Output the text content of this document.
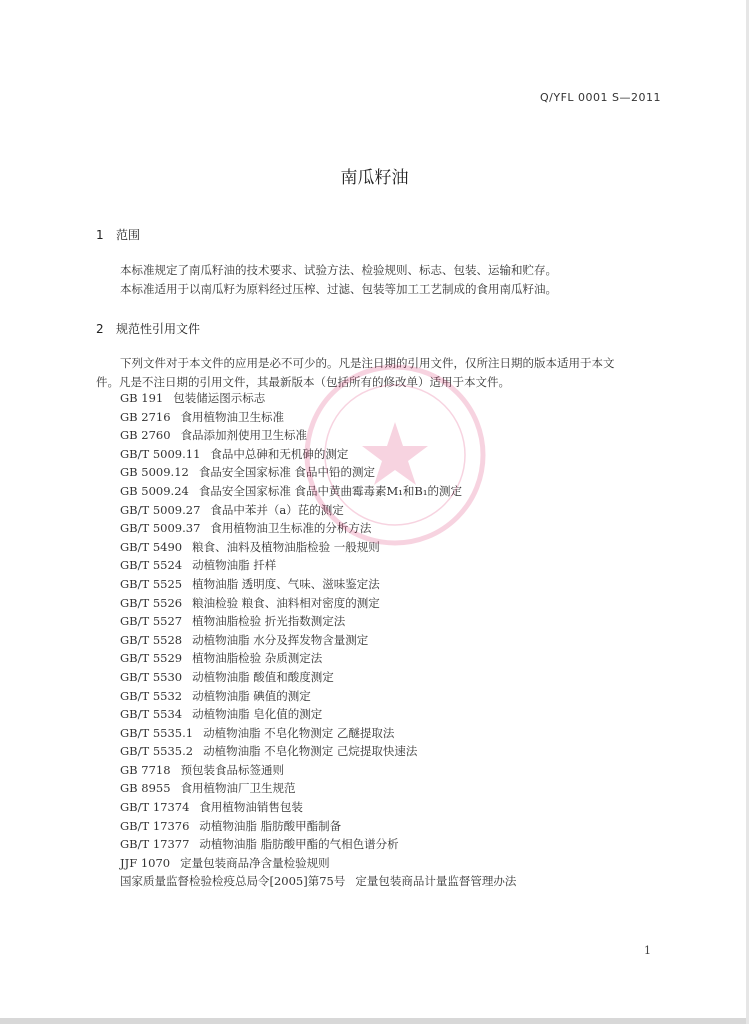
Q/YFL 0001 S—2011
南瓜籽油
1 范围
本标准规定了南瓜籽油的技术要求、试验方法、检验规则、标志、包装、运输和贮存。
本标准适用于以南瓜籽为原料经过压榨、过滤、包装等加工工艺制成的食用南瓜籽油。
2 规范性引用文件
下列文件对于本文件的应用是必不可少的。凡是注日期的引用文件，仅所注日期的版本适用于本文
件。凡是不注日期的引用文件，其最新版本（包括所有的修改单）适用于本文件。
GB 191 包装储运图示标志
GB 2716 食用植物油卫生标准
GB 2760 食品添加剂使用卫生标准
GB/T 5009.11 食品中总砷和无机砷的测定
GB 5009.12 食品安全国家标准 食品中铅的测定
GB 5009.24 食品安全国家标准 食品中黄曲霉毒素M₁和B₁的测定
GB/T 5009.27 食品中苯并（a）芘的测定
GB/T 5009.37 食用植物油卫生标准的分析方法
GB/T 5490 粮食、油料及植物油脂检验 一般规则
GB/T 5524 动植物油脂 扦样
GB/T 5525 植物油脂 透明度、气味、滋味鉴定法
GB/T 5526 粮油检验 粮食、油料相对密度的测定
GB/T 5527 植物油脂检验 折光指数测定法
GB/T 5528 动植物油脂 水分及挥发物含量测定
GB/T 5529 植物油脂检验 杂质测定法
GB/T 5530 动植物油脂 酸值和酸度测定
GB/T 5532 动植物油脂 碘值的测定
GB/T 5534 动植物油脂 皂化值的测定
GB/T 5535.1 动植物油脂 不皂化物测定 乙醚提取法
GB/T 5535.2 动植物油脂 不皂化物测定 己烷提取快速法
GB 7718 预包装食品标签通则
GB 8955 食用植物油厂卫生规范
GB/T 17374 食用植物油销售包装
GB/T 17376 动植物油脂 脂肪酸甲酯制备
GB/T 17377 动植物油脂 脂肪酸甲酯的气相色谱分析
JJF 1070 定量包装商品净含量检验规则
国家质量监督检验检疫总局令[2005]第75号 定量包装商品计量监督管理办法
1
